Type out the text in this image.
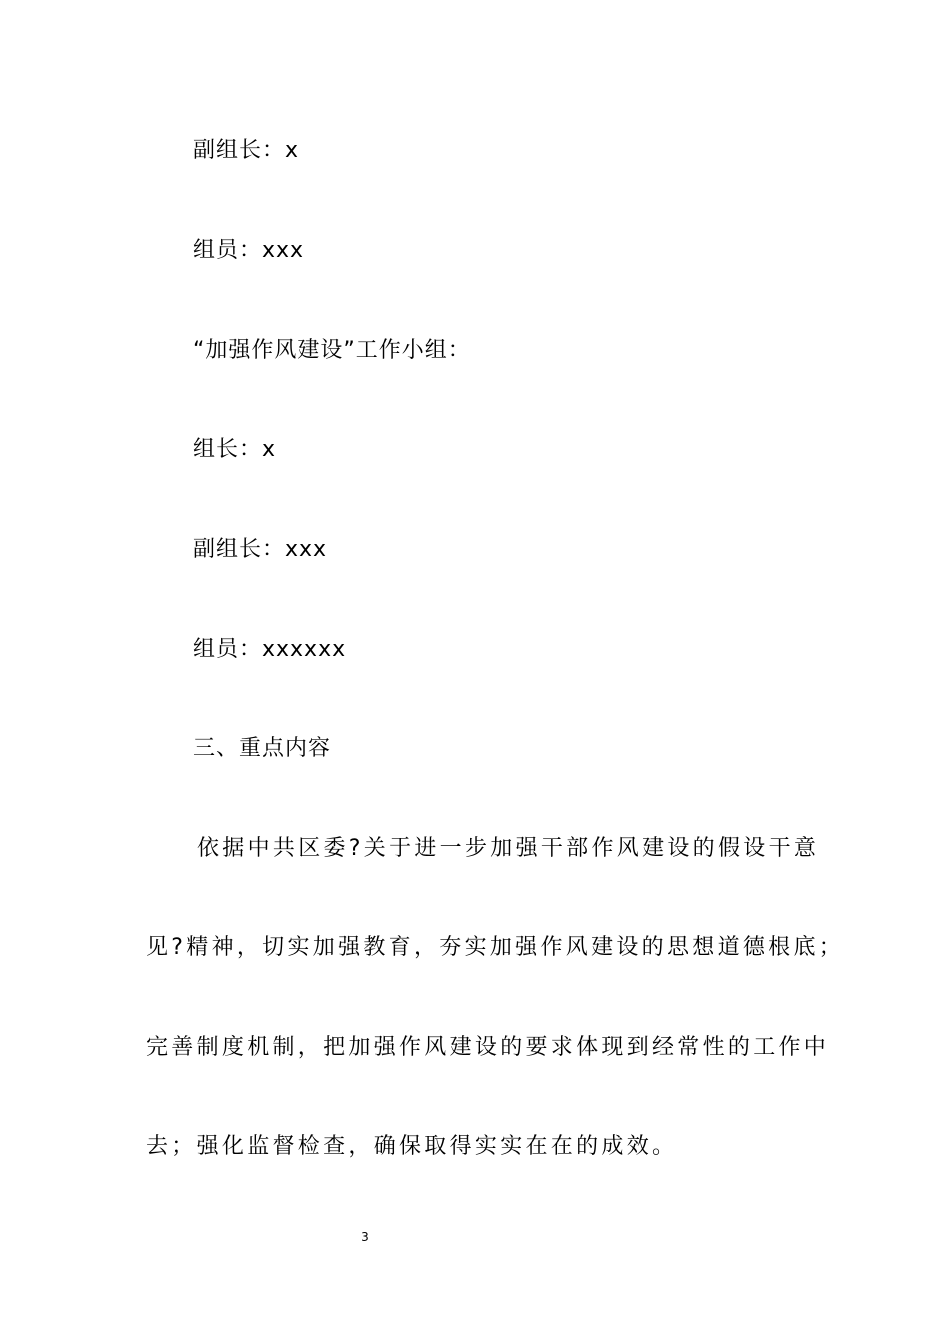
副组长：x
组员：xxx
“加强作风建设”工作小组：
组长：x
副组长：xxx
组员：xxxxxx
三、重点内容
依据中共区委?关于进一步加强干部作风建设的假设干意
见?精神，切实加强教育，夯实加强作风建设的思想道德根底；
完善制度机制，把加强作风建设的要求体现到经常性的工作中
去；强化监督检查，确保取得实实在在的成效。
3
